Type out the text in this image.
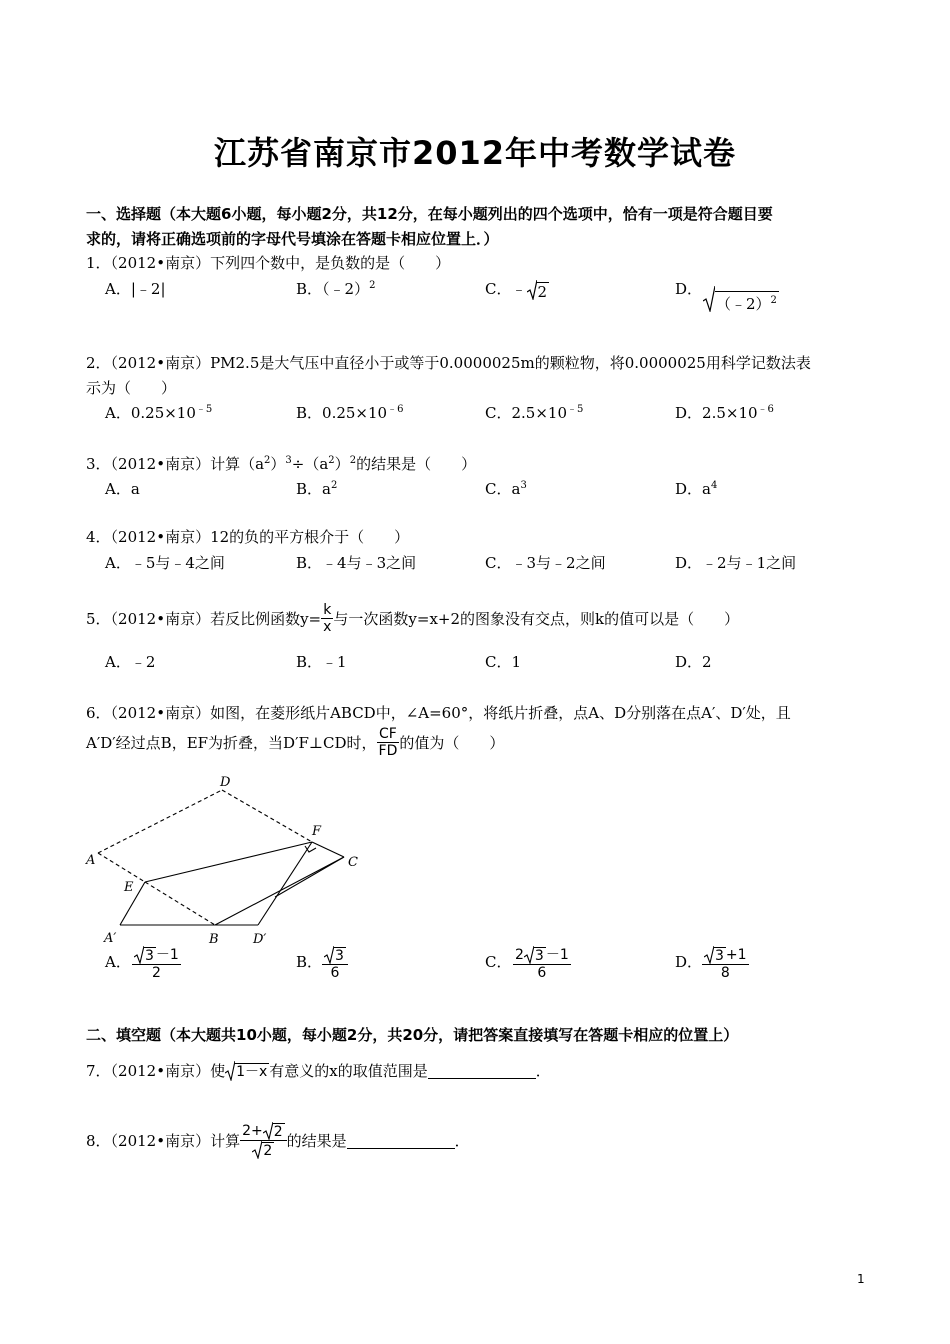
江苏省南京市2012年中考数学试卷
一、选择题（本大题6小题，每小题2分，共12分，在每小题列出的四个选项中，恰有一项是符合题目要
求的，请将正确选项前的字母代号填涂在答题卡相应位置上．）
1．（2012•南京）下列四个数中，是负数的是（　　）
A．|﹣2|	B．（﹣2）$^2$	C．﹣ 2	D．
（﹣2）$^2$
2．（2012•南京）PM2.5是大气压中直径小于或等于0.0000025m的颗粒物，将0.0000025用科学记数法表
示为（　　）
A．$0.25\times 10^{﹣5}$	B．$0.25\times 10^{﹣6}$	C．$2.5\times 10^{﹣5}$	D．$2.5\times 10^{﹣6}$
3．（2012•南京）计算$(a^2)^3\div(a^2)^2$的结果是（　　）
A．a	B．$a^2$	C．$a^3$	D．$a^4$
4．（2012•南京）12的负的平方根介于（　　）
A．﹣5与﹣4之间	B．﹣4与﹣3之间	C．﹣3与﹣2之间	D．﹣2与﹣1之间
5．（2012•南京）若反比例函数$y= \frac{k}{x}$ 与一次函数y=x+2的图象没有交点，则k的值可以是（　　）
A．﹣2	B．﹣1	C．1	D．2
6．（2012•南京）如图，在菱形纸片ABCD中，∠A=60°，将纸片折叠，点A、D分别落在点A′、D′处，且
A′D′经过点B，EF为折叠，当D′F⊥CD时， $\frac{CF}{FD}$ 的值为（　　）
D
F
A	C
E
A′	B	D′
A． $\frac{3 -1}{2}$	B． $\frac{3}{6}$	C． $\frac{2 3 -1}{6}$	D． $\frac{3 +1}{8}$
二、填空题（本大题共10小题，每小题2分，共20分，请把答案直接填写在答题卡相应的位置上）
7．（2012•南京）使 1－x 有意义的x的取值范围是	．
8．（2012•南京）计算 $\frac{2+ 2}{2}$ 的结果是	．
1
